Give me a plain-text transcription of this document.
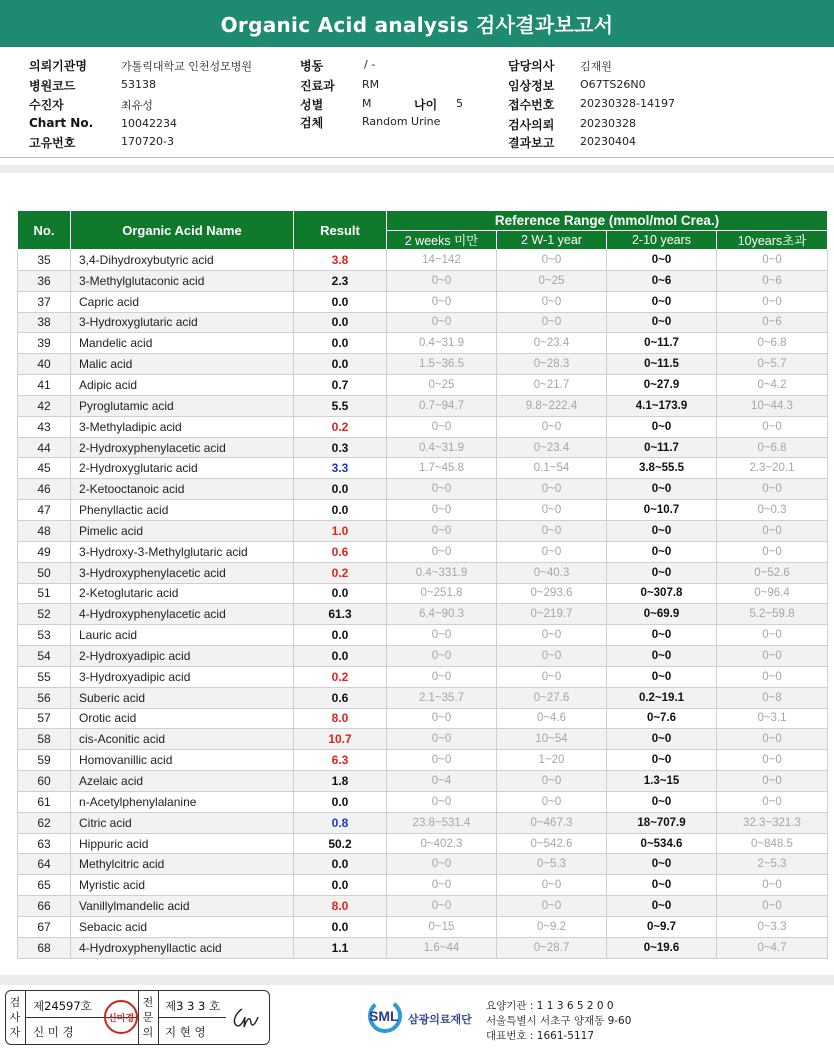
Organic Acid analysis 검사결과보고서
의뢰기관명	가톨릭대학교 인천성모병원
병원코드	53138
수진자	최유성
Chart No.	10042234
고유번호	170720-3
병동	/ -
진료과 RM
성별	M	나이 5
검체	Random Urine
담당의사 김재원
임상정보 O67TS26N0
접수번호 20230328-14197
검사의뢰 20230328
결과보고 20230404
No.	Organic Acid Name	Result	Reference Range (mmol/mol Crea.)			
			2 weeks 미만	2 W-1 year	2-10 years	10years초과
35	3,4-Dihydroxybutyric acid	3.8	14~142	0~0	0~0	0~0
36	3-Methylglutaconic acid	2.3	0~0	0~25	0~6	0~6
37	Capric acid	0.0	0~0	0~0	0~0	0~0
38	3-Hydroxyglutaric acid	0.0	0~0	0~0	0~0	0~6
39	Mandelic acid	0.0	0.4~31.9	0~23.4	0~11.7	0~6.8
40	Malic acid	0.0	1.5~36.5	0~28.3	0~11.5	0~5.7
41	Adipic acid	0.7	0~25	0~21.7	0~27.9	0~4.2
42	Pyroglutamic acid	5.5	0.7~94.7	9.8~222.4	4.1~173.9	10~44.3
43	3-Methyladipic acid	0.2	0~0	0~0	0~0	0~0
44	2-Hydroxyphenylacetic acid	0.3	0.4~31.9	0~23.4	0~11.7	0~6.8
45	2-Hydroxyglutaric acid	3.3	1.7~45.8	0.1~54	3.8~55.5	2.3~20.1
46	2-Ketooctanoic acid	0.0	0~0	0~0	0~0	0~0
47	Phenyllactic acid	0.0	0~0	0~0	0~10.7	0~0.3
48	Pimelic acid	1.0	0~0	0~0	0~0	0~0
49	3-Hydroxy-3-Methylglutaric acid	0.6	0~0	0~0	0~0	0~0
50	3-Hydroxyphenylacetic acid	0.2	0.4~331.9	0~40.3	0~0	0~52.6
51	2-Ketoglutaric acid	0.0	0~251.8	0~293.6	0~307.8	0~96.4
52	4-Hydroxyphenylacetic acid	61.3	6.4~90.3	0~219.7	0~69.9	5.2~59.8
53	Lauric acid	0.0	0~0	0~0	0~0	0~0
54	2-Hydroxyadipic acid	0.0	0~0	0~0	0~0	0~0
55	3-Hydroxyadipic acid	0.2	0~0	0~0	0~0	0~0
56	Suberic acid	0.6	2.1~35.7	0~27.6	0.2~19.1	0~8
57	Orotic acid	8.0	0~0	0~4.6	0~7.6	0~3.1
58	cis-Aconitic acid	10.7	0~0	10~54	0~0	0~0
59	Homovanillic acid	6.3	0~0	1~20	0~0	0~0
60	Azelaic acid	1.8	0~4	0~0	1.3~15	0~0
61	n-Acetylphenylalanine	0.0	0~0	0~0	0~0	0~0
62	Citric acid	0.8	23.8~531.4	0~467.3	18~707.9	32.3~321.3
63	Hippuric acid	50.2	0~402.3	0~542.6	0~534.6	0~848.5
64	Methylcitric acid	0.0	0~0	0~5.3	0~0	2~5.3
65	Myristic acid	0.0	0~0	0~0	0~0	0~0
66	Vanillylmandelic acid	8.0	0~0	0~0	0~0	0~0
67	Sebacic acid	0.0	0~15	0~9.2	0~9.7	0~3.3
68	4-Hydroxyphenyllactic acid	1.1	1.6~44	0~28.7	0~19.6	0~4.7
검
사
자
제24597호
신 미 경
신미경
전
문
의
제3 3 3 호
지 현 영
SML 삼광의료재단
요양기관 : 1 1 3 6 5 2 0 0
서울특별시 서초구 양재동 9-60
대표번호 : 1661-5117
